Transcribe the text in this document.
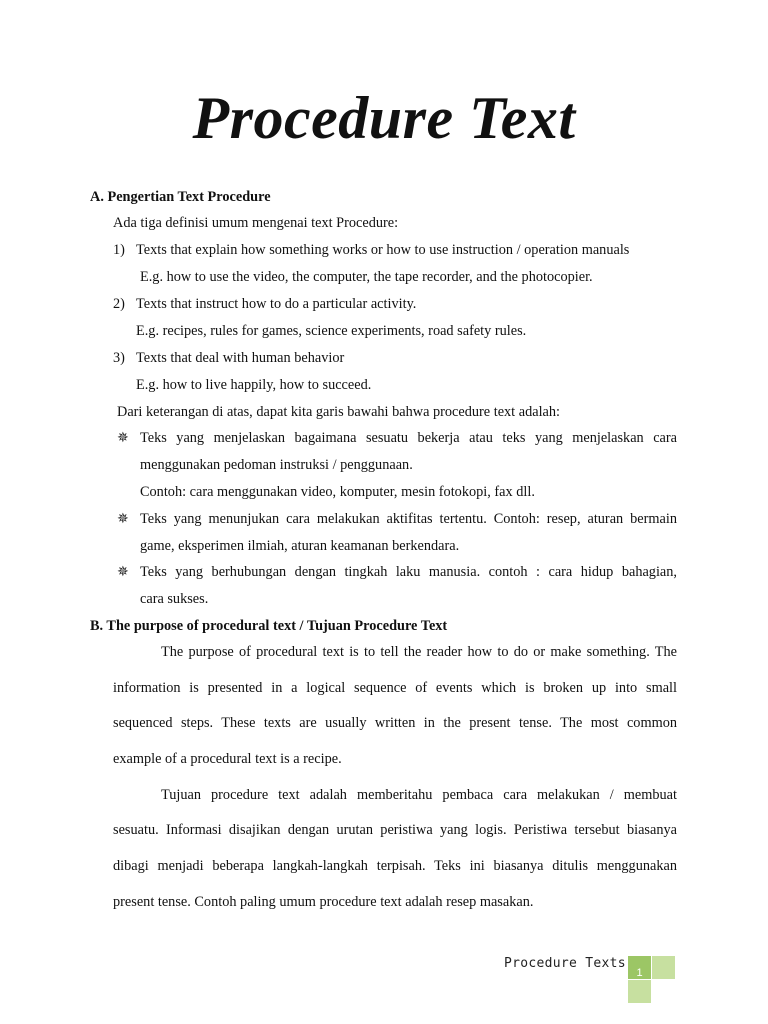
Procedure Text
A. Pengertian Text Procedure
Ada tiga definisi umum mengenai text Procedure:
1) Texts that explain how something works or how to use instruction / operation manuals
E.g. how to use the video, the computer, the tape recorder, and the photocopier.
2) Texts that instruct how to do a particular activity.
E.g. recipes, rules for games, science experiments, road safety rules.
3) Texts that deal with human behavior
E.g. how to live happily, how to succeed.
Dari keterangan di atas, dapat kita garis bawahi bahwa procedure text adalah:
✵ Teks yang menjelaskan bagaimana sesuatu bekerja atau teks yang menjelaskan cara
menggunakan pedoman instruksi / penggunaan.
Contoh: cara menggunakan video, komputer, mesin fotokopi, fax dll.
✵ Teks yang menunjukan cara melakukan aktifitas tertentu. Contoh: resep, aturan bermain
game, eksperimen ilmiah, aturan keamanan berkendara.
✵ Teks yang berhubungan dengan tingkah laku manusia. contoh : cara hidup bahagian,
cara sukses.
B. The purpose of procedural text / Tujuan Procedure Text
The purpose of procedural text is to tell the reader how to do or make something. The
information is presented in a logical sequence of events which is broken up into small
sequenced steps. These texts are usually written in the present tense. The most common
example of a procedural text is a recipe.
Tujuan procedure text adalah memberitahu pembaca cara melakukan / membuat
sesuatu. Informasi disajikan dengan urutan peristiwa yang logis. Peristiwa tersebut biasanya
dibagi menjadi beberapa langkah-langkah terpisah. Teks ini biasanya ditulis menggunakan
present tense. Contoh paling umum procedure text adalah resep masakan.
Procedure Texts
1
